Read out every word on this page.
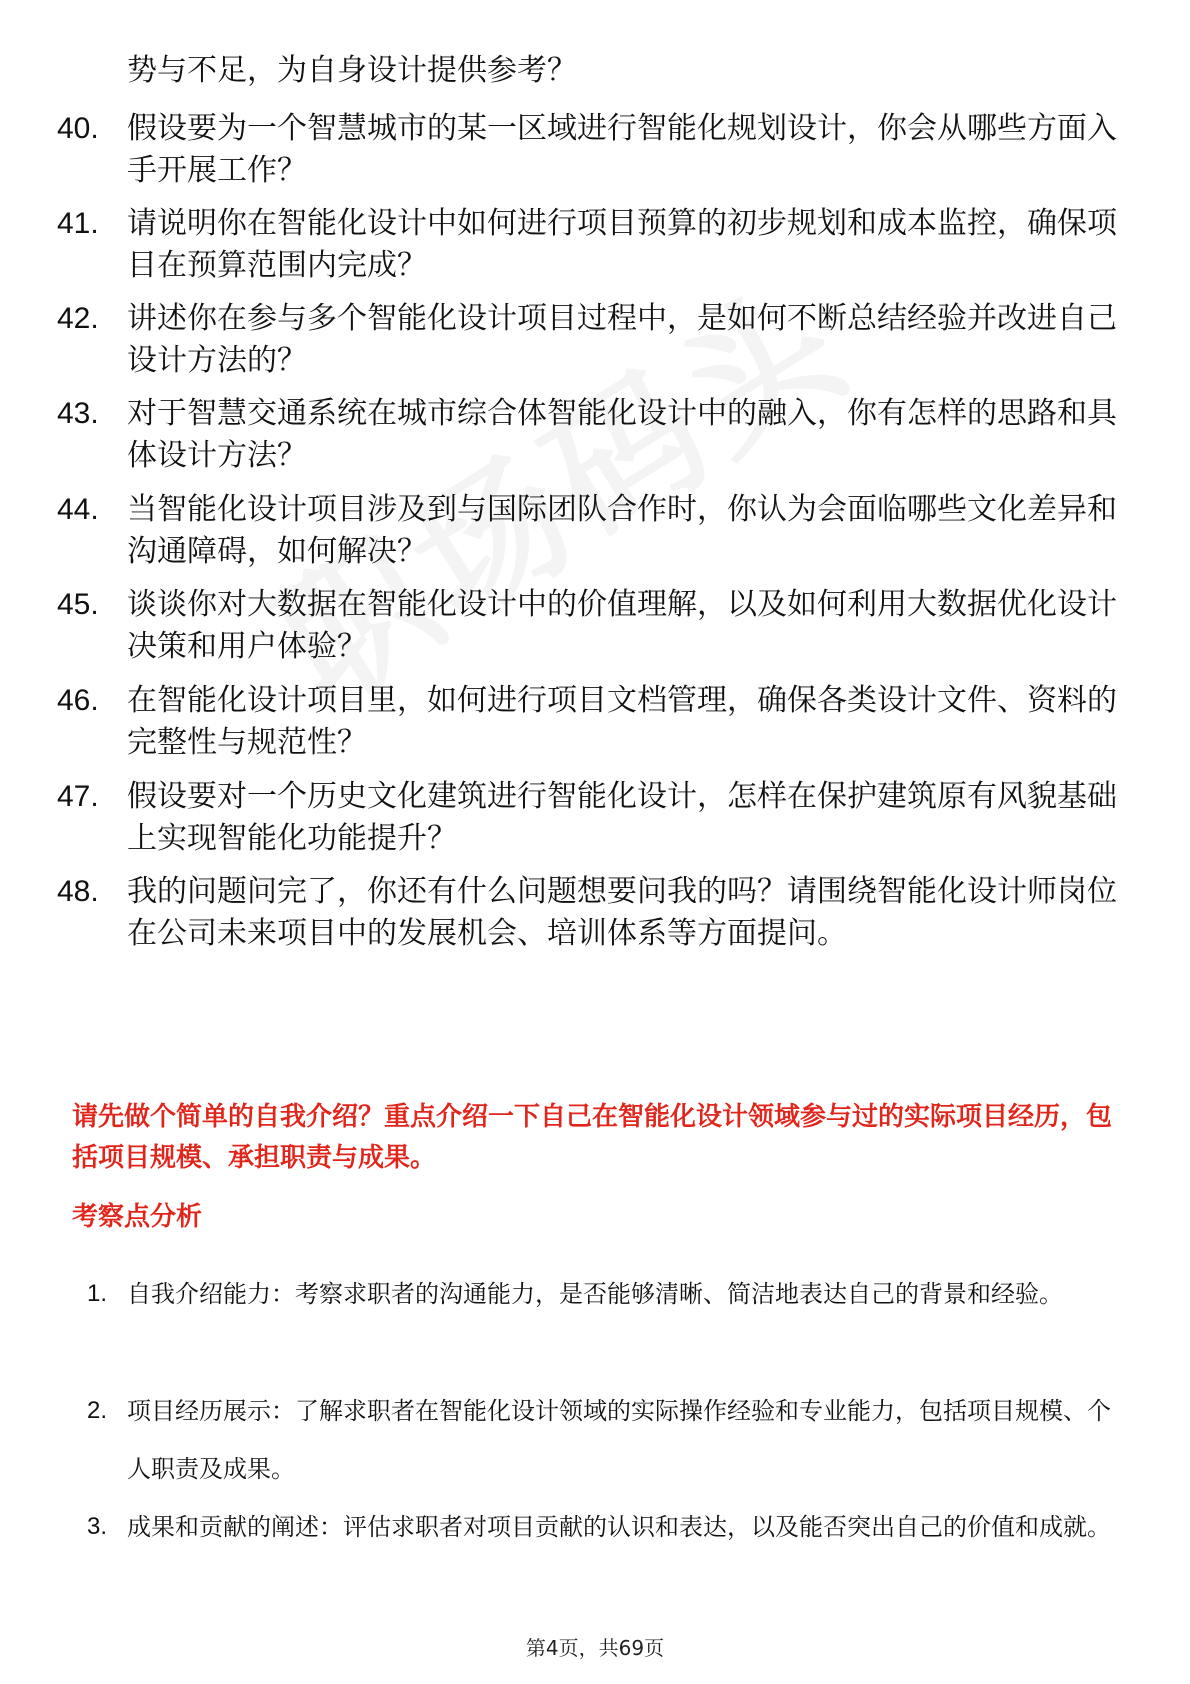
势与不足，为自身设计提供参考？
40. 假设要为一个智慧城市的某一区域进行智能化规划设计，你会从哪些方面入手开展工作？
41. 请说明你在智能化设计中如何进行项目预算的初步规划和成本监控，确保项目在预算范围内完成？
42. 讲述你在参与多个智能化设计项目过程中，是如何不断总结经验并改进自己设计方法的？
43. 对于智慧交通系统在城市综合体智能化设计中的融入，你有怎样的思路和具体设计方法？
44. 当智能化设计项目涉及到与国际团队合作时，你认为会面临哪些文化差异和沟通障碍，如何解决？
45. 谈谈你对大数据在智能化设计中的价值理解，以及如何利用大数据优化设计决策和用户体验？
46. 在智能化设计项目里，如何进行项目文档管理，确保各类设计文件、资料的完整性与规范性？
47. 假设要对一个历史文化建筑进行智能化设计，怎样在保护建筑原有风貌基础上实现智能化功能提升？
48. 我的问题问完了，你还有什么问题想要问我的吗？请围绕智能化设计师岗位在公司未来项目中的发展机会、培训体系等方面提问。
请先做个简单的自我介绍？重点介绍一下自己在智能化设计领域参与过的实际项目经历，包括项目规模、承担职责与成果。
考察点分析
1. 自我介绍能力：考察求职者的沟通能力，是否能够清晰、简洁地表达自己的背景和经验。
2. 项目经历展示：了解求职者在智能化设计领域的实际操作经验和专业能力，包括项目规模、个人职责及成果。
3. 成果和贡献的阐述：评估求职者对项目贡献的认识和表达，以及能否突出自己的价值和成就。
第4页，共69页
